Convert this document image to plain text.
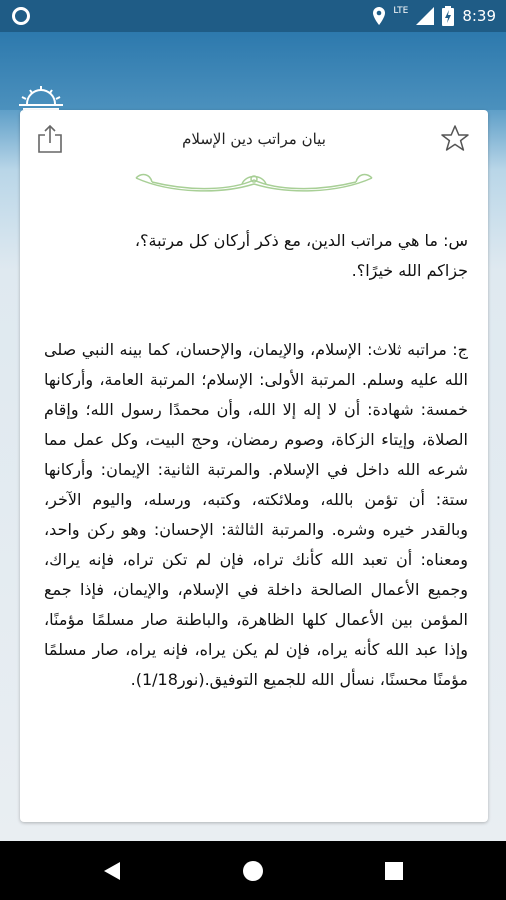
LTE	8:39
بيان مراتب دين الإسلام
س: ما هي مراتب الدين، مع ذكر أركان كل مرتبة؟،
جزاكم الله خيرًا؟.
ج: مراتبه ثلاث: الإسلام، والإيمان، والإحسان، كما بينه النبي صلى الله عليه وسلم. المرتبة الأولى: الإسلام؛ المرتبة العامة، وأركانها خمسة: شهادة: أن لا إله إلا الله، وأن محمدًا رسول الله؛ وإقام الصلاة، وإيتاء الزكاة، وصوم رمضان، وحج البيت، وكل عمل مما شرعه الله داخل في الإسلام. والمرتبة الثانية: الإيمان: وأركانها ستة: أن تؤمن بالله، وملائكته، وكتبه، ورسله، واليوم الآخر، وبالقدر خيره وشره. والمرتبة الثالثة: الإحسان: وهو ركن واحد، ومعناه: أن تعبد الله كأنك تراه، فإن لم تكن تراه، فإنه يراك، وجميع الأعمال الصالحة داخلة في الإسلام، والإيمان، فإذا جمع المؤمن بين الأعمال كلها الظاهرة، والباطنة صار مسلمًا مؤمنًا، وإذا عبد الله كأنه يراه، فإن لم يكن يراه، فإنه يراه، صار مسلمًا مؤمنًا محسنًا، نسأل الله للجميع التوفيق.(نور1/18).
